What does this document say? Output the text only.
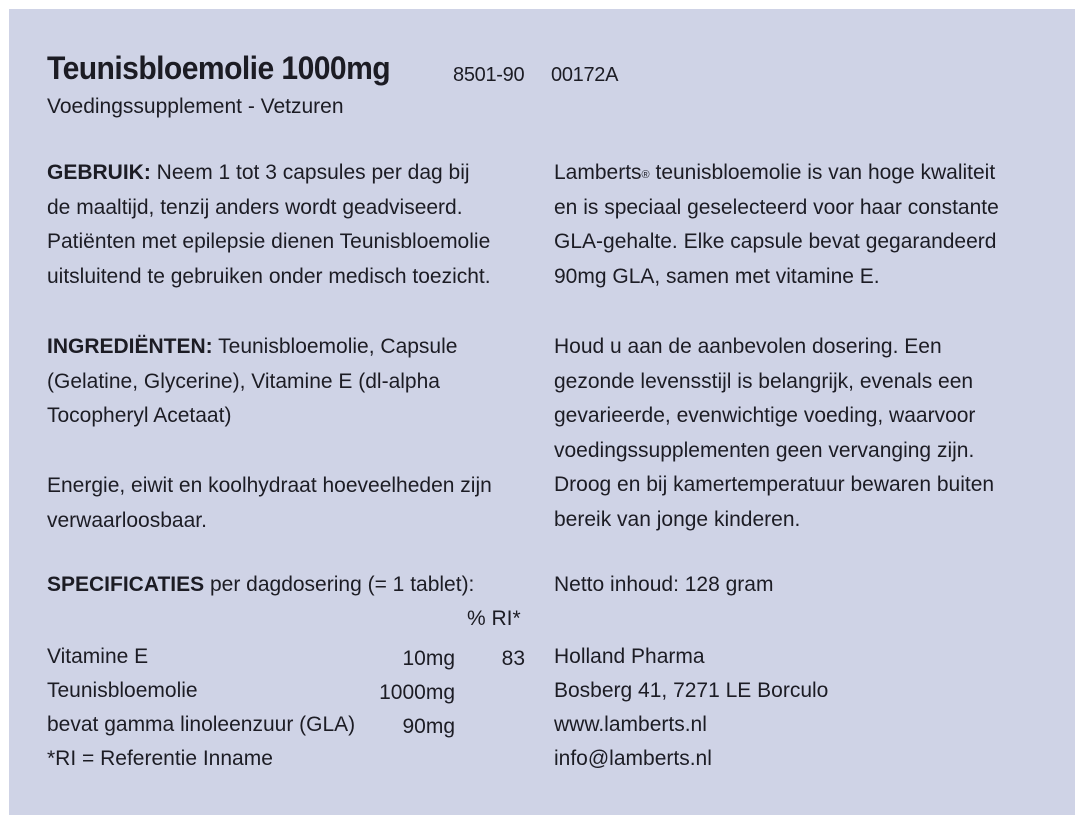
Teunisbloemolie 1000mg	8501-90 00172A
Voedingssupplement - Vetzuren

GEBRUIK: Neem 1 tot 3 capsules per dag bij

de maaltijd, tenzij anders wordt geadviseerd.

Patiënten met epilepsie dienen Teunisbloemolie

uitsluitend te gebruiken onder medisch toezicht.

INGREDIËNTEN: Teunisbloemolie, Capsule

(Gelatine, Glycerine), Vitamine E (dl-alpha

Tocopheryl Acetaat)

Energie, eiwit en koolhydraat hoeveelheden zijn

verwaarloosbaar.

SPECIFICATIES per dagdosering (= 1 tablet):
% RI*
Vitamine E	10mg	83
Teunisbloemolie	1000mg
bevat gamma linoleenzuur (GLA)	90mg
*RI = Referentie Inname

Lamberts® teunisbloemolie is van hoge kwaliteit

en is speciaal geselecteerd voor haar constante

GLA-gehalte. Elke capsule bevat gegarandeerd

90mg GLA, samen met vitamine E.

Houd u aan de aanbevolen dosering. Een

gezonde levensstijl is belangrijk, evenals een

gevarieerde, evenwichtige voeding, waarvoor

voedingssupplementen geen vervanging zijn.

Droog en bij kamertemperatuur bewaren buiten

bereik van jonge kinderen.

Netto inhoud: 128 gram

Holland Pharma

Bosberg 41, 7271 LE Borculo

www.lamberts.nl

info@lamberts.nl
